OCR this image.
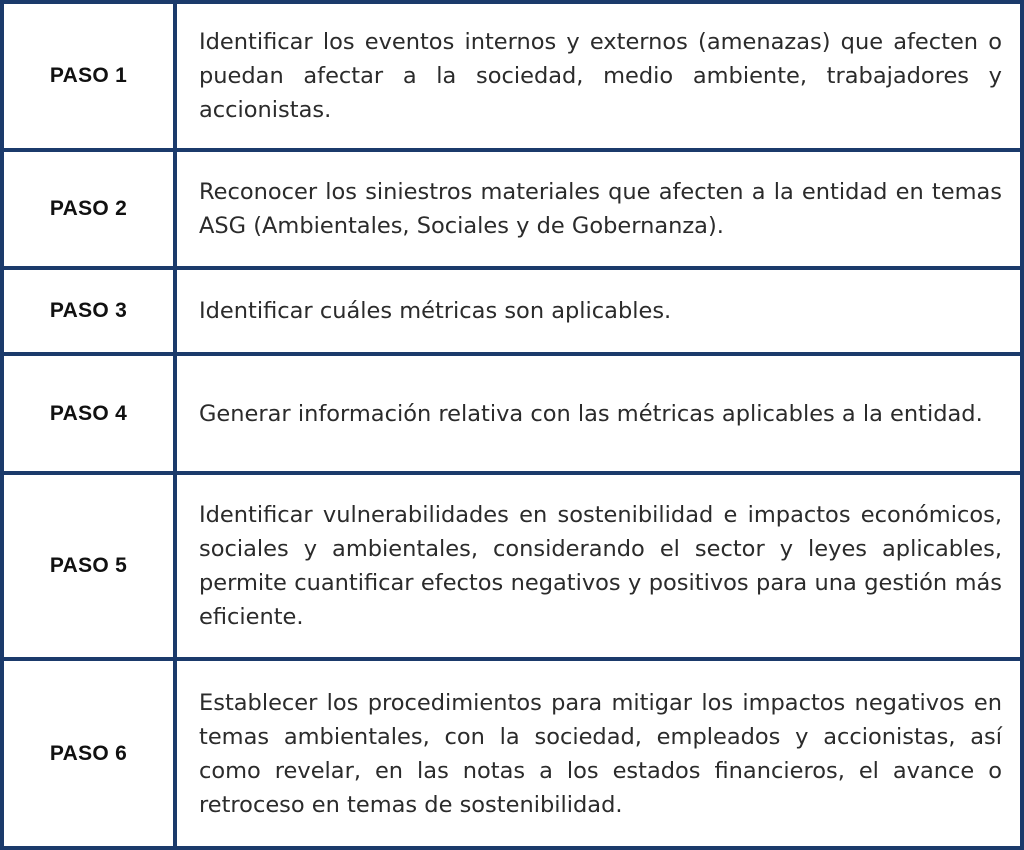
PASO 1
Identificar los eventos internos y externos (amenazas) que afecten o puedan afectar a la sociedad, medio ambiente, trabajadores y accionistas.
PASO 2
Reconocer los siniestros materiales que afecten a la entidad en temas ASG (Ambientales, Sociales y de Gobernanza).
PASO 3	Identificar cuáles métricas son aplicables.
PASO 4	Generar información relativa con las métricas aplicables a la entidad.
PASO 5
Identificar vulnerabilidades en sostenibilidad e impactos económicos, sociales y ambientales, considerando el sector y leyes aplicables, permite cuantificar efectos negativos y positivos para una gestión más eficiente.
PASO 6
Establecer los procedimientos para mitigar los impactos negativos en temas ambientales, con la sociedad, empleados y accionistas, así como revelar, en las notas a los estados financieros, el avance o retroceso en temas de sostenibilidad.
